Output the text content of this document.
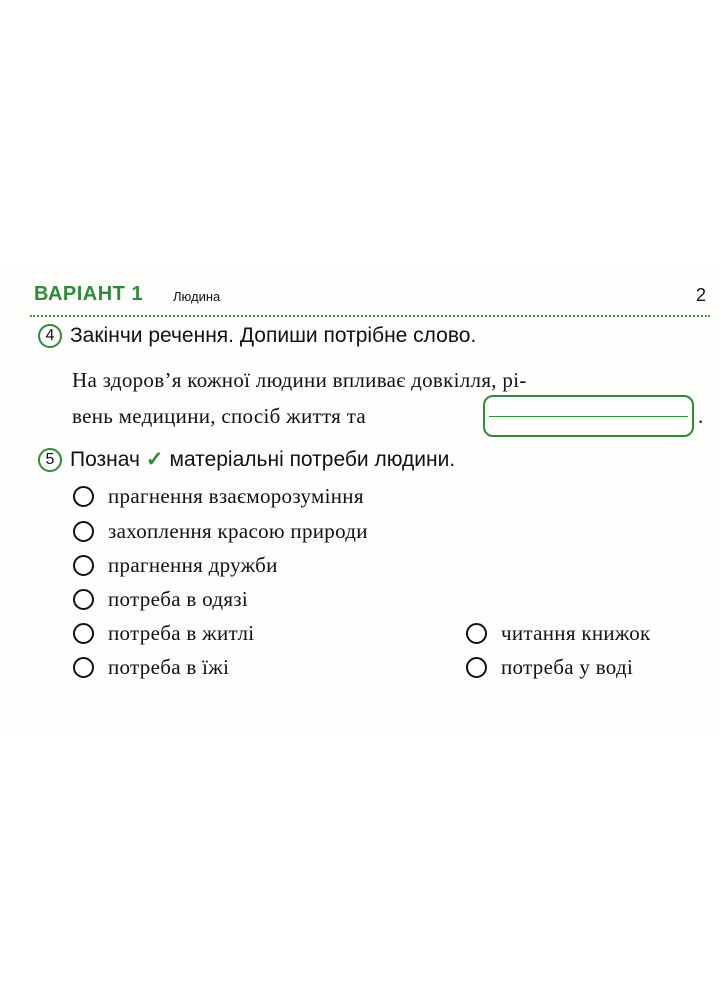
ВАРІАНТ 1 Людина	2
4 Закінчи речення. Допиши потрібне слово.
На здоров’я кожної людини впливає довкілля, рі-
вень медицини, спосіб життя та	.
5 Познач ✓ матеріальні потреби людини.
прагнення взаєморозуміння
захоплення красою природи
прагнення дружби
потреба в одязі
потреба в житлі
потреба в їжі
читання книжок
потреба у воді
